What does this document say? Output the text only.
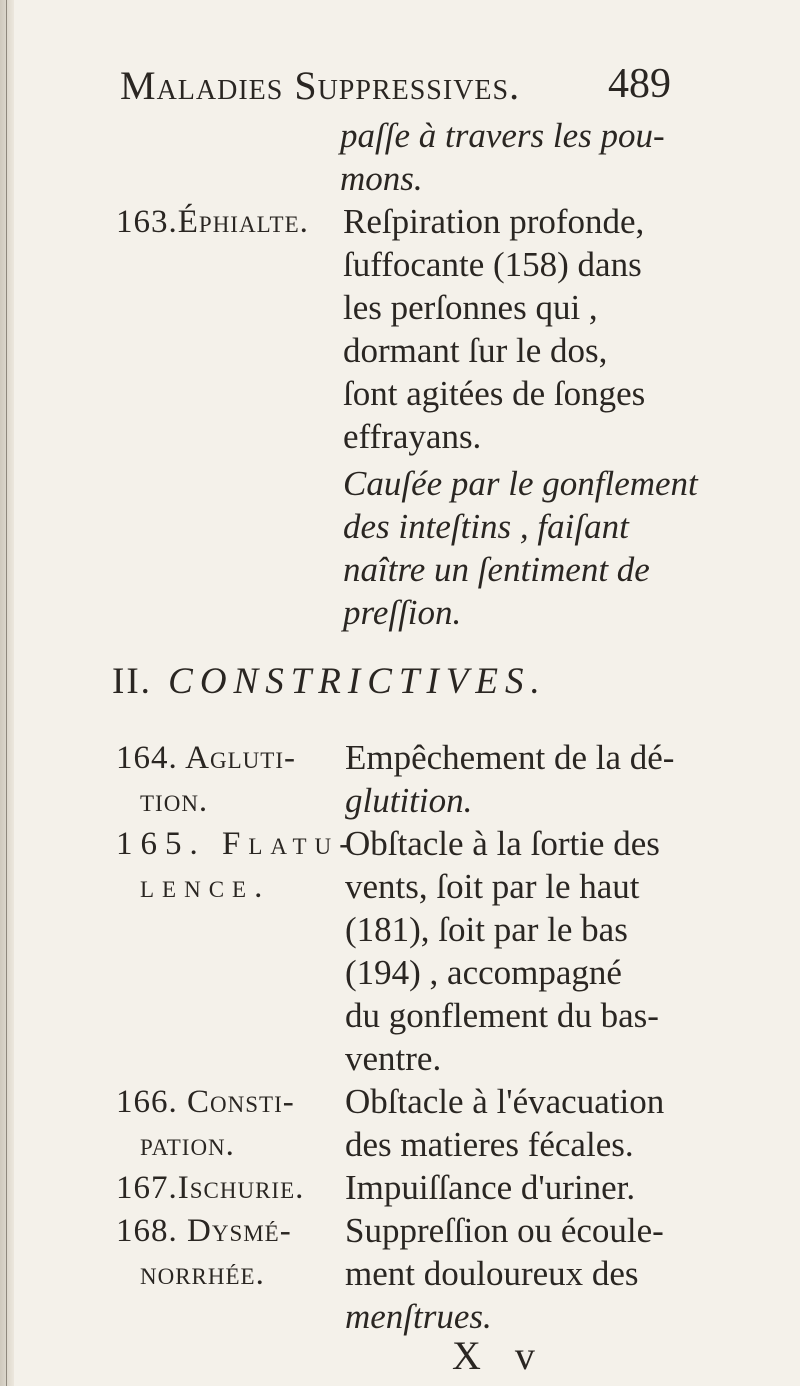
Maladies Suppressives. 489
paſſe à travers les pou-
mons.
163.Éphialte. Reſpiration profonde,
ſuffocante (158) dans
les perſonnes qui ,
dormant ſur le dos,
ſont agitées de ſonges
effrayans.
Cauſée par le gonflement
des inteſtins , faiſant
naître un ſentiment de
preſſion.
II. CONSTRICTIVES.
164. Agluti-
tion.
Empêchement de la dé-
glutition.
165. Flatu-
lence.
Obſtacle à la ſortie des
vents, ſoit par le haut
(181), ſoit par le bas
(194) , accompagné
du gonflement du bas-
ventre.
166. Consti-
pation.
Obſtacle à l'évacuation
des matieres fécales.
167.Ischurie. Impuiſſance d'uriner.
168. Dysmé-
norrhée.
Suppreſſion ou écoule-
ment douloureux des
menſtrues.
X v
